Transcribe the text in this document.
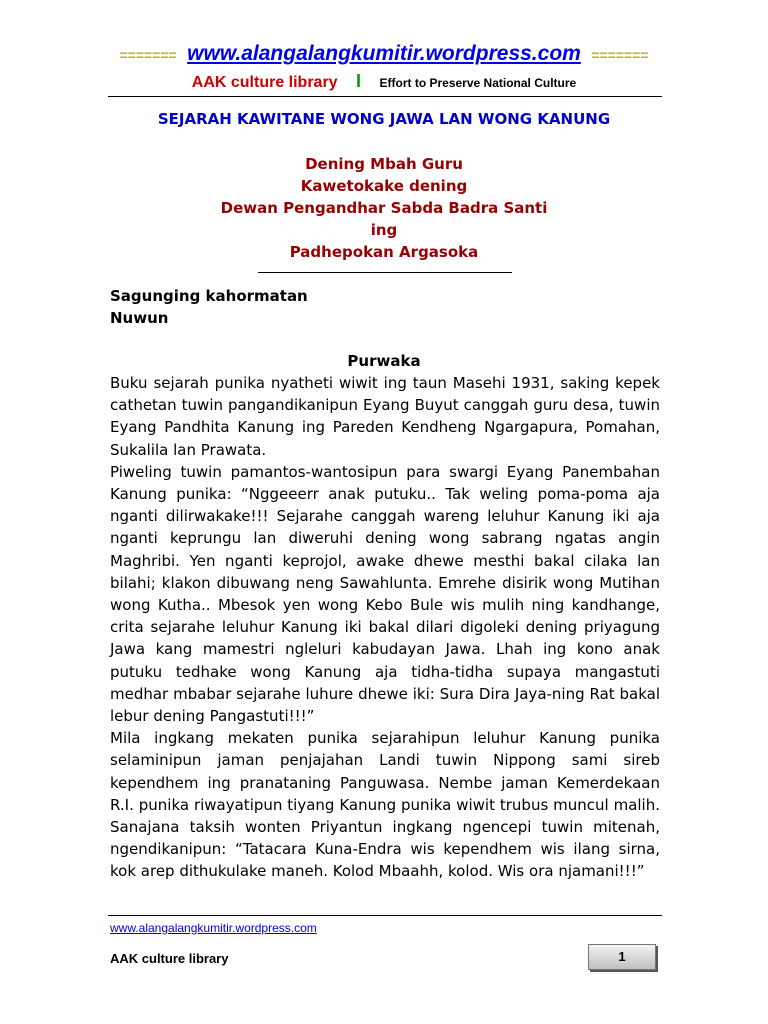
======= www.alangalangkumitir.wordpress.com =======
AAK culture library I Effort to Preserve National Culture
SEJARAH KAWITANE WONG JAWA LAN WONG KANUNG
Dening Mbah Guru
Kawetokake dening
Dewan Pengandhar Sabda Badra Santi
ing
Padhepokan Argasoka
Sagunging kahormatan
Nuwun
Purwaka

Buku sejarah punika nyatheti wiwit ing taun Masehi 1931, saking kepek cathetan tuwin pangandikanipun Eyang Buyut canggah guru desa, tuwin Eyang Pandhita Kanung ing Pareden Kendheng Ngargapura, Pomahan, Sukalila lan Prawata.

Piweling tuwin pamantos-wantosipun para swargi Eyang Panembahan Kanung punika: “Nggeeerr anak putuku.. Tak weling poma-poma aja nganti dilirwakake!!! Sejarahe canggah wareng leluhur Kanung iki aja nganti keprungu lan diweruhi dening wong sabrang ngatas angin Maghribi. Yen nganti keprojol, awake dhewe mesthi bakal cilaka lan bilahi; klakon dibuwang neng Sawahlunta. Emrehe disirik wong Mutihan wong Kutha.. Mbesok yen wong Kebo Bule wis mulih ning kandhange, crita sejarahe leluhur Kanung iki bakal dilari digoleki dening priyagung Jawa kang mamestri ngleluri kabudayan Jawa. Lhah ing kono anak putuku tedhake wong Kanung aja tidha-tidha supaya mangastuti medhar mbabar sejarahe luhure dhewe iki: Sura Dira Jaya-ning Rat bakal lebur dening Pangastuti!!!”

Mila ingkang mekaten punika sejarahipun leluhur Kanung punika selaminipun jaman penjajahan Landi tuwin Nippong sami sireb kependhem ing pranataning Panguwasa. Nembe jaman Kemerdekaan R.I. punika riwayatipun tiyang Kanung punika wiwit trubus muncul malih. Sanajana taksih wonten Priyantun ingkang ngencepi tuwin mitenah, ngendikanipun: “Tatacara Kuna-Endra wis kependhem wis ilang sirna, kok arep dithukulake maneh. Kolod Mbaahh, kolod. Wis ora njamani!!!”

www.alangalangkumitir.wordpress.com
AAK culture library	1
